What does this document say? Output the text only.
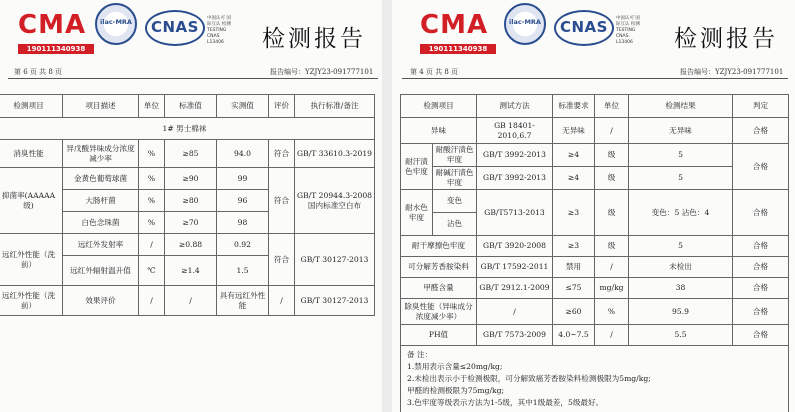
CMA
190111340938
ilac-MRA CNAS 中国认可 国际互认 检测 TESTING CNAS L13406	检测报告
第 6 页 共 8 页	报告编号：YZJY23-091777101
检测项目	项目描述	单位	标准值	实测值	评价	执行标准/备注
1# 男士棉袜						
消臭性能	异戊酸异味成分浓度减少率	%	≥85	94.0	符合	GB/T 33610.3-2019
抑菌率(AAAAA级)	金黄色葡萄球菌	%	≥90	99	符合	GB/T 20944.3-2008 国内标准空白布
	大肠杆菌	%	≥80	96		
	白色念珠菌	%	≥70	98		
远红外性能（洗前）	远红外发射率	/	≥0.88	0.92	符合	GB/T 30127-2013
	远红外辐射温升值	℃	≥1.4	1.5		
远红外性能（洗前）	效果评价	/	/	具有远红外性能	/	GB/T 30127-2013
CMA
190111340938
ilac-MRA CNAS 中国认可 国际互认 检测 TESTING CNAS L13406	检测报告
第 4 页 共 8 页	报告编号：YZJY23-091777101
检测项目		测试方法	标准要求	单位	检测结果	判定
异味		GB 18401-2010,6.7	无异味	/	无异味	合格
耐汗渍色牢度	耐酸汗渍色牢度	GB/T 3992-2013	≥4	级	5	合格
	耐碱汗渍色牢度	GB/T 3992-2013	≥4	级	5	
耐水色牢度	变色	GB/T5713-2013	≥3	级	变色：5 沾色：4	合格
	沾色					
耐干摩擦色牢度		GB/T 3920-2008	≥3	级	5	合格
可分解芳香胺染料		GB/T 17592-2011	禁用	/	未检出	合格
甲醛含量		GB/T 2912.1-2009	≤75	mg/kg	38	合格
除臭性能（异味成分浓度减少率）		/	≥60	%	95.9	合格
PH值		GB/T 7573-2009	4.0~7.5	/	5.5	合格

备 注：
1.禁用表示含量≤20mg/kg;
2.未检出表示小于检测极限，可分解致癌芳香胺染料检测极限为5mg/kg;
甲醛的检测极限为75mg/kg;
3.色牢度等级表示方法为1-5级，其中1级最差，5级最好。						
